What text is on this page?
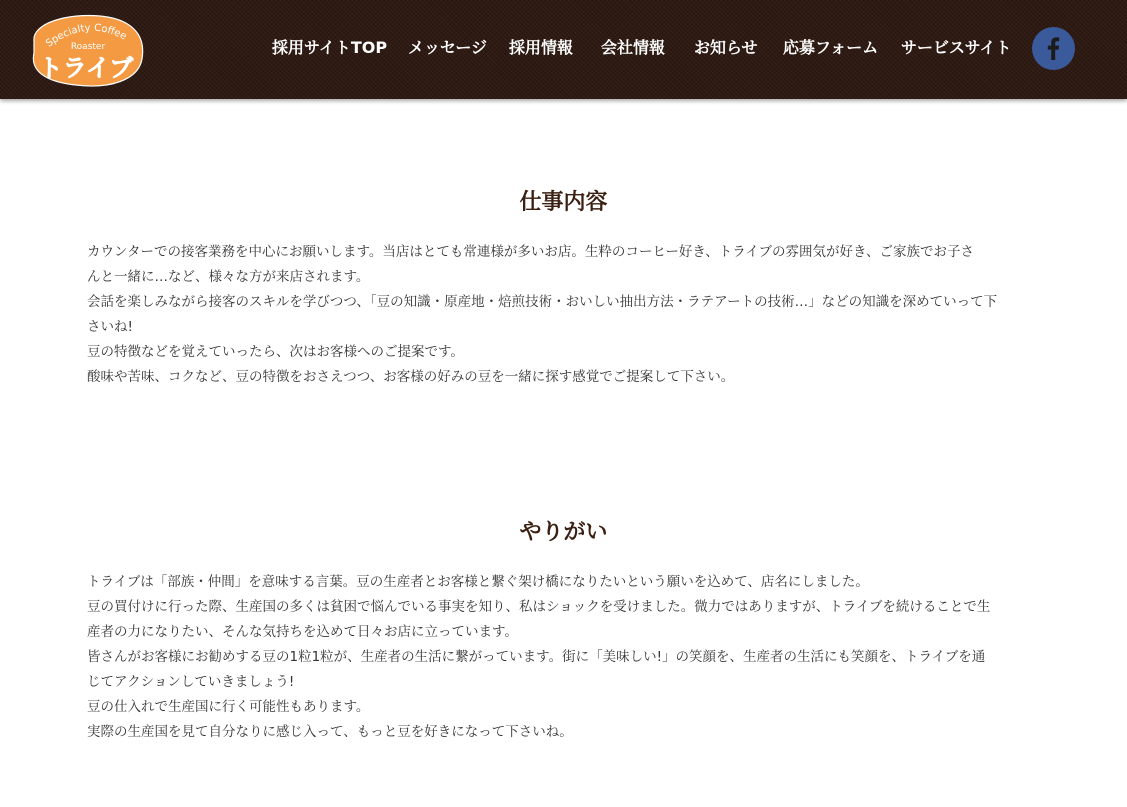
Specialty Coffee
Roaster
トライブ
採用サイトTOP メッセージ 採用情報 会社情報 お知らせ 応募フォーム サービスサイト
仕事内容
カウンターでの接客業務を中心にお願いします。当店はとても常連様が多いお店。生粋のコーヒー好き、トライブの雰囲気が好き、ご家族でお子さ
んと一緒に…など、様々な方が来店されます。
会話を楽しみながら接客のスキルを学びつつ、「豆の知識・原産地・焙煎技術・おいしい抽出方法・ラテアートの技術…」などの知識を深めていって下
さいね!
豆の特徴などを覚えていったら、次はお客様へのご提案です。
酸味や苦味、コクなど、豆の特徴をおさえつつ、お客様の好みの豆を一緒に探す感覚でご提案して下さい。
やりがい
トライブは「部族・仲間」を意味する言葉。豆の生産者とお客様と繋ぐ架け橋になりたいという願いを込めて、店名にしました。
豆の買付けに行った際、生産国の多くは貧困で悩んでいる事実を知り、私はショックを受けました。微力ではありますが、トライブを続けることで生
産者の力になりたい、そんな気持ちを込めて日々お店に立っています。
皆さんがお客様にお勧めする豆の1粒1粒が、生産者の生活に繋がっています。街に「美味しい!」の笑顔を、生産者の生活にも笑顔を、トライブを通
じてアクションしていきましょう!
豆の仕入れで生産国に行く可能性もあります。
実際の生産国を見て自分なりに感じ入って、もっと豆を好きになって下さいね。
